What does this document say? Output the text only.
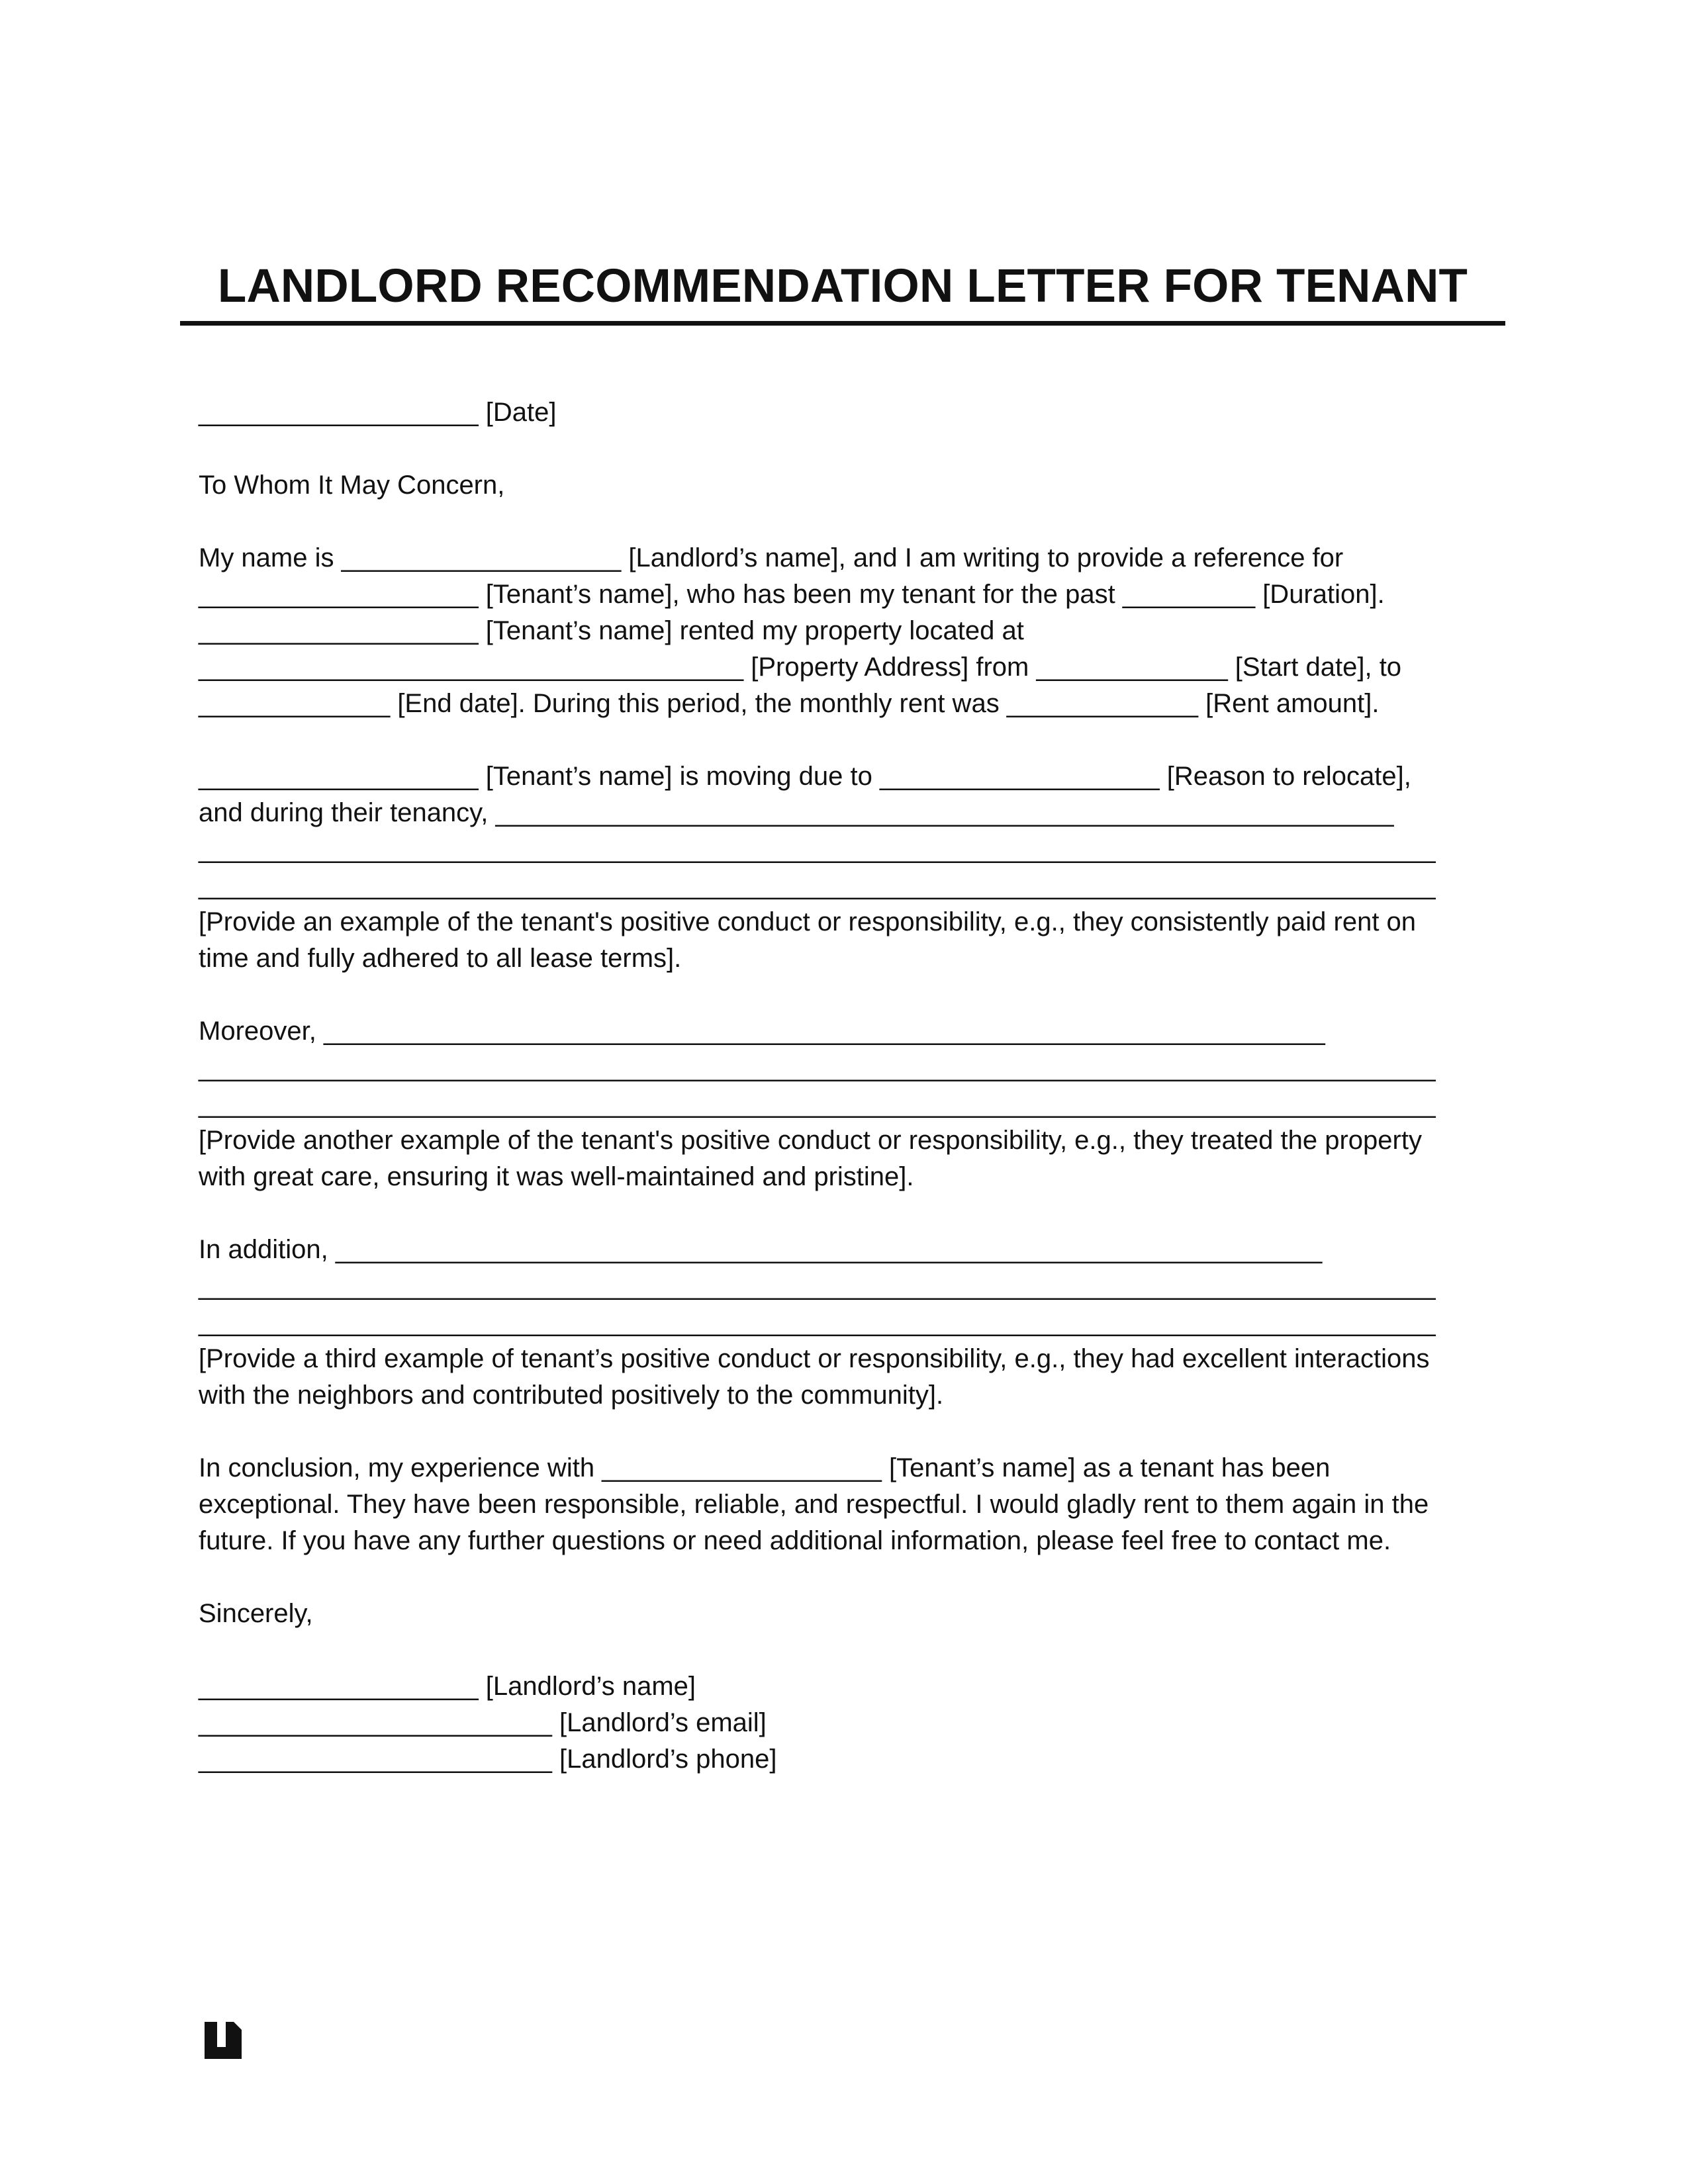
LANDLORD RECOMMENDATION LETTER FOR TENANT
___________________ [Date]
To Whom It May Concern,
My name is ___________________ [Landlord’s name], and I am writing to provide a reference for
___________________ [Tenant’s name], who has been my tenant for the past _________ [Duration].
___________________ [Tenant’s name] rented my property located at
_____________________________________ [Property Address] from _____________ [Start date], to
_____________ [End date]. During this period, the monthly rent was _____________ [Rent amount].
___________________ [Tenant’s name] is moving due to ___________________ [Reason to relocate],
and during their tenancy, _____________________________________________________________
____________________________________________________________________________________
____________________________________________________________________________________
[Provide an example of the tenant's positive conduct or responsibility, e.g., they consistently paid rent on
time and fully adhered to all lease terms].
Moreover, ____________________________________________________________________
____________________________________________________________________________________
____________________________________________________________________________________
[Provide another example of the tenant's positive conduct or responsibility, e.g., they treated the property
with great care, ensuring it was well-maintained and pristine].
In addition, ___________________________________________________________________
____________________________________________________________________________________
____________________________________________________________________________________
[Provide a third example of tenant’s positive conduct or responsibility, e.g., they had excellent interactions
with the neighbors and contributed positively to the community].
In conclusion, my experience with ___________________ [Tenant’s name] as a tenant has been
exceptional. They have been responsible, reliable, and respectful. I would gladly rent to them again in the
future. If you have any further questions or need additional information, please feel free to contact me.
Sincerely,
___________________ [Landlord’s name]
________________________ [Landlord’s email]
________________________ [Landlord’s phone]
